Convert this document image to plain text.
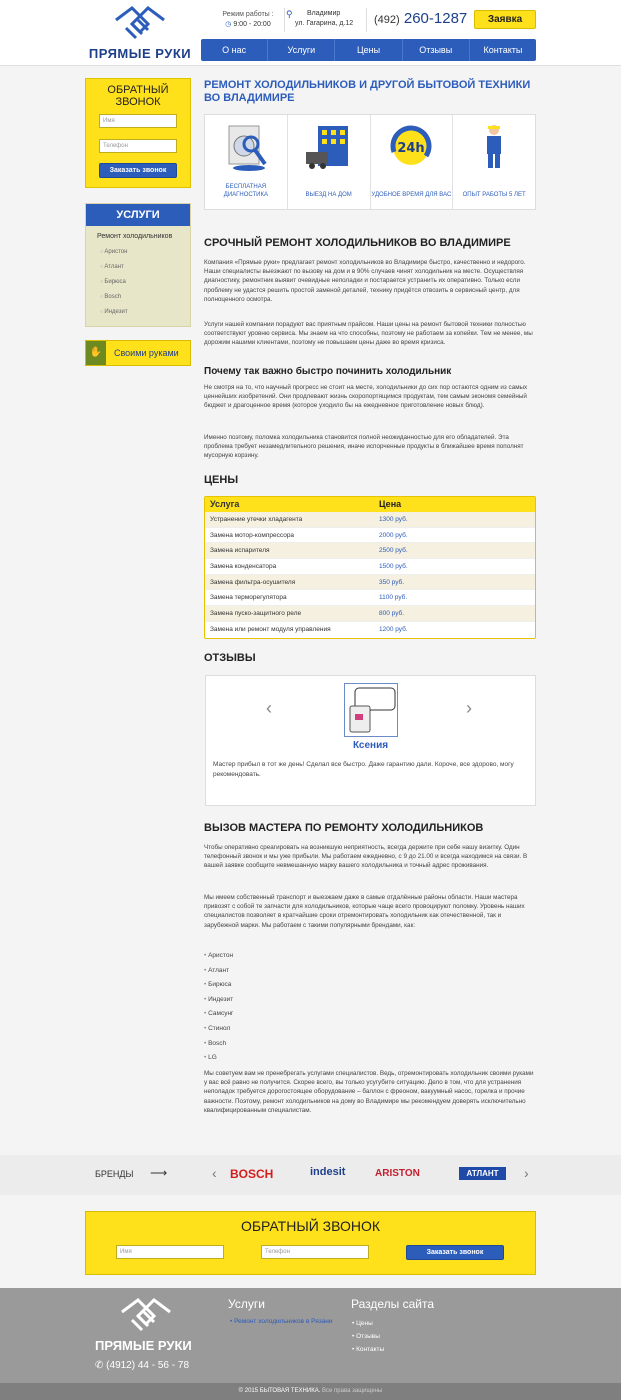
ПРЯМЫЕ РУКИ
Режим работы :
◷ 9:00 - 20:00
⚲	Владимир
ул. Гагарина, д.12 (492) 260-1287	Заявка
О нас	Услуги	Цены	Отзывы	Контакты
ОБРАТНЫЙ ЗВОНОК
Имя
Телефон
Заказать звонок
УСЛУГИ
Ремонт холодильников
○ Аристон
○ Атлант
○ Бирюса
○ Bosch
○ Индезит
✋	Своими руками
РЕМОНТ ХОЛОДИЛЬНИКОВ И ДРУГОЙ БЫТОВОЙ ТЕХНИКИ ВО ВЛАДИМИРЕ
БЕСПЛАТНАЯ ДИАГНОСТИКА	ВЫЕЗД НА ДОМ
24h
УДОБНОЕ ВРЕМЯ ДЛЯ ВАС	ОПЫТ РАБОТЫ 5 ЛЕТ
СРОЧНЫЙ РЕМОНТ ХОЛОДИЛЬНИКОВ ВО ВЛАДИМИРЕ
Компания «Прямые руки» предлагает ремонт холодильников во Владимире быстро, качественно и недорого. Наши специалисты выезжают по вызову на дом и в 90% случаев чинят холодильник на месте. Осуществляя диагностику, ремонтник выявит очевидные неполадки и постарается устранить их оперативно. Только если проблему не удастся решить простой заменой деталей, технику придётся отвозить в сервисный центр, для полноценного осмотра.
Услуги нашей компании порадуют вас приятным прайсом. Наши цены на ремонт бытовой техники полностью соответствуют уровню сервиса. Мы знаем на что способны, поэтому не работаем за копейки. Тем не менее, мы дорожим нашими клиентами, поэтому не повышаем цены даже во время кризиса.
Почему так важно быстро починить холодильник
Не смотря на то, что научный прогресс не стоит на месте, холодильники до сих пор остаются одним из самых ценнейших изобретений. Они продлевают жизнь скоропортящимся продуктам, тем самым экономя семейный бюджет и драгоценное время (которое уходило бы на ежедневное приготовление новых блюд).
Именно поэтому, поломка холодильника становится полной неожиданностью для его обладателей. Эта проблема требует незамедлительного решения, иначе испорченные продукты в ближайшее время пополнят мусорную корзину.
ЦЕНЫ
Услуга	Цена
Устранение утечки хладагента	1300 руб.
Замена мотор-компрессора	2000 руб.
Замена испарителя	2500 руб.
Замена конденсатора	1500 руб.
Замена фильтра-осушителя	350 руб.
Замена терморегулятора	1100 руб.
Замена пуско-защитного реле	800 руб.
Замена или ремонт модуля управления	1200 руб.
ОТЗЫВЫ
‹	›
Ксения
Мастер прибыл в тот же день! Сделал все быстро. Даже гарантию дали. Короче, все здорово, могу рекомендовать.
ВЫЗОВ МАСТЕРА ПО РЕМОНТУ ХОЛОДИЛЬНИКОВ
Чтобы оперативно среагировать на возникшую неприятность, всегда держите при себе нашу визитку. Один телефонный звонок и мы уже прибыли. Мы работаем ежедневно, с 9 до 21.00 и всегда находимся на связи. В вашей заявке сообщите невмешанную марку вашего холодильника и точный адрес проживания.
Мы имеем собственный транспорт и выезжаем даже в самые отдалённые районы области. Наши мастера привозят с собой те запчасти для холодильников, которые чаще всего провоцируют поломку. Уровень наших специалистов позволяет в кратчайшие сроки отремонтировать холодильник как отечественной, так и зарубежной марки. Мы работаем с такими популярными брендами, как:
• Аристон
• Атлант
• Бирюса
• Индезит
• Самсунг
• Стинол
• Bosch
• LG
Мы советуем вам не пренебрегать услугами специалистов. Ведь, отремонтировать холодильник своими руками у вас всё равно не получится. Скорее всего, вы только усугубите ситуацию. Дело в том, что для устранения неполадок требуется дорогостоящее оборудование – баллон с фреоном, вакуумный насос, горелка и прочие важности. Поэтому, ремонт холодильников на дому во Владимире мы рекомендуем доверять исключительно квалифицированным специалистам.
БРЕНДЫ ⟶	‹ BOSCH	indesit	ARISTON	АТЛАНТ	›
ОБРАТНЫЙ ЗВОНОК
Имя	Телефон	Заказать звонок
ПРЯМЫЕ РУКИ
✆ (4912) 44 - 56 - 78
Услуги
• Ремонт холодильников в Рязани
Разделы сайта
• Цены
• Отзывы
• Контакты
© 2015 БЫТОВАЯ ТЕХНИКА. Все права защищены
